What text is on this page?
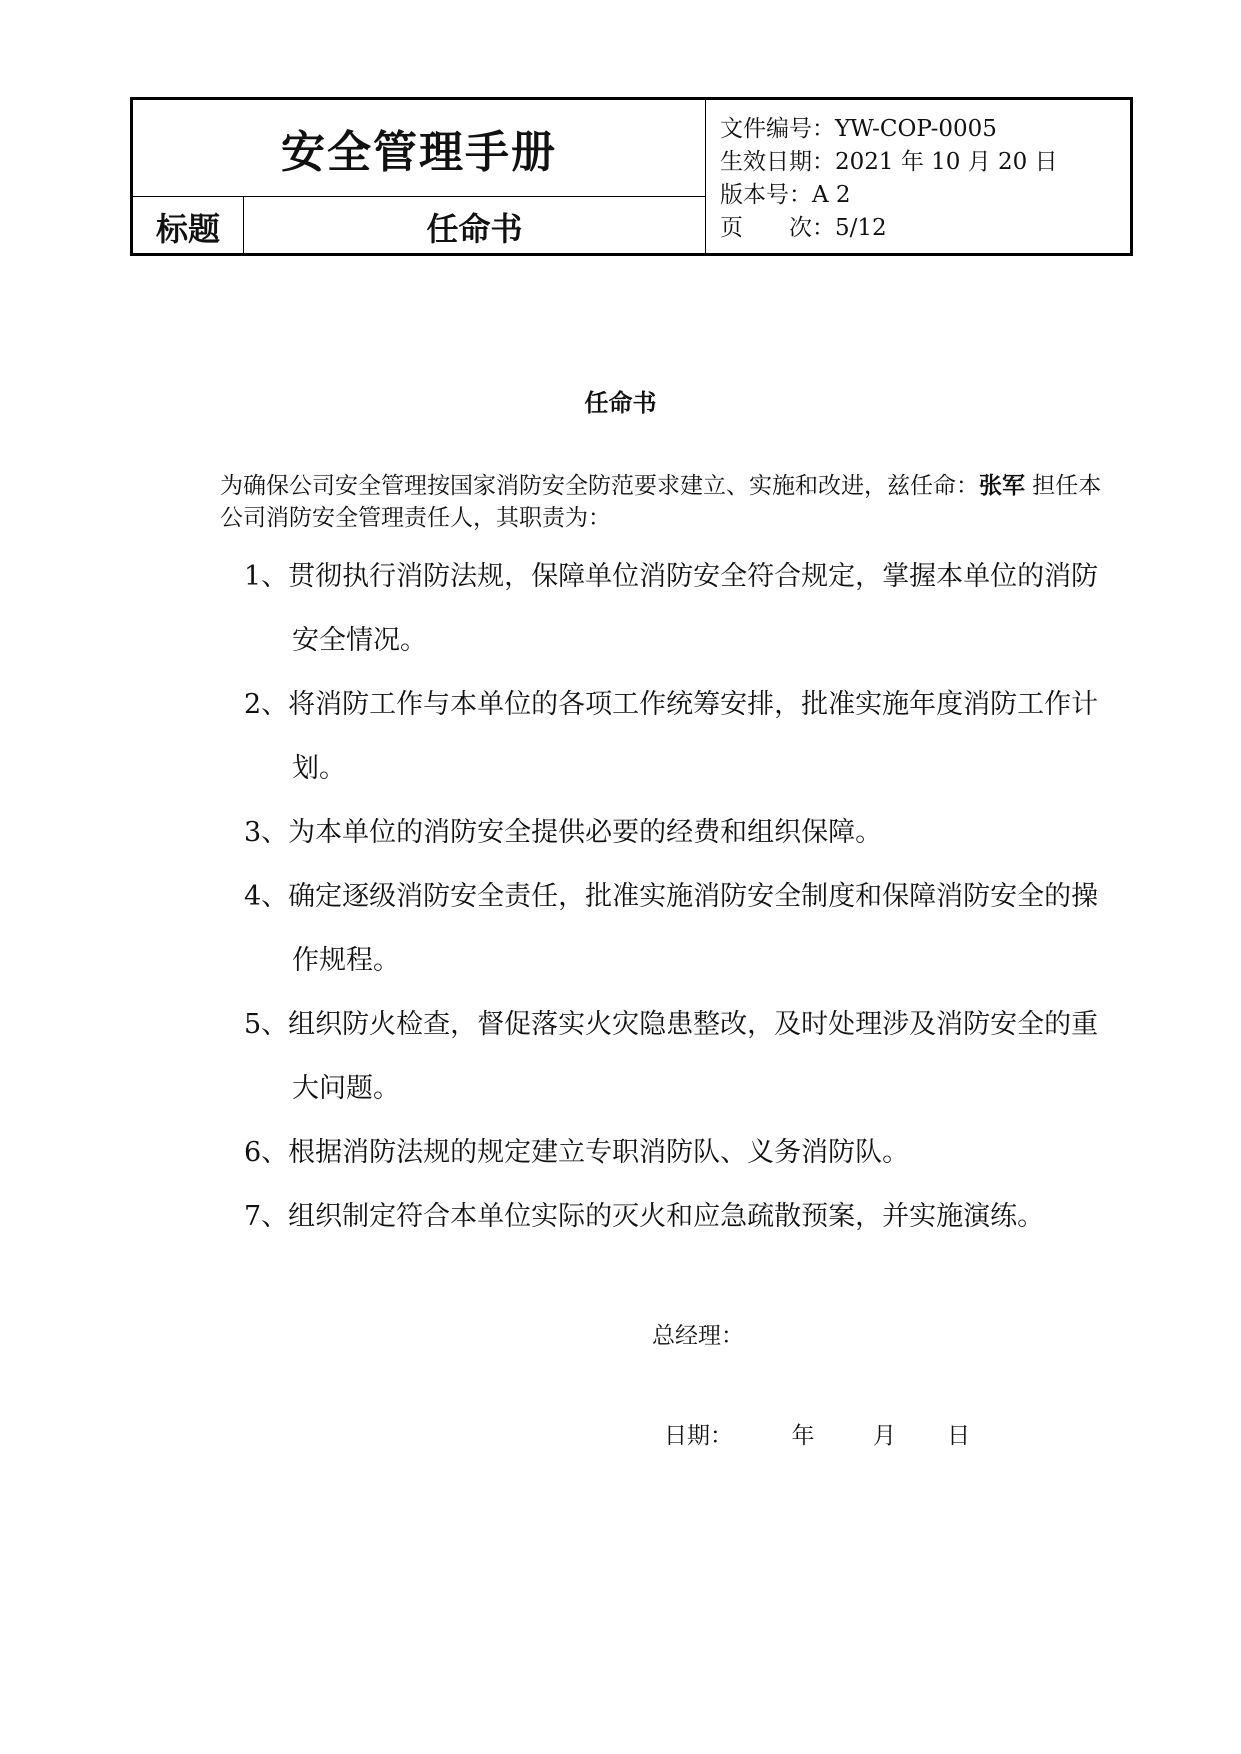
安全管理手册
标题	任命书
文件编号：YW-COP-0005
生效日期：2021 年 10 月 20 日
版本号：A 2
页　　次：5/12
任命书
为确保公司安全管理按国家消防安全防范要求建立、实施和改进，兹任命：张军 担任本公司消防安全管理责任人，其职责为：

1、贯彻执行消防法规，保障单位消防安全符合规定，掌握本单位的消防安全情况。

2、将消防工作与本单位的各项工作统筹安排，批准实施年度消防工作计划。

3、为本单位的消防安全提供必要的经费和组织保障。

4、确定逐级消防安全责任，批准实施消防安全制度和保障消防安全的操作规程。

5、组织防火检查，督促落实火灾隐患整改，及时处理涉及消防安全的重大问题。

6、根据消防法规的规定建立专职消防队、义务消防队。

7、组织制定符合本单位实际的灭火和应急疏散预案，并实施演练。

总经理：
日期：        年        月       日
